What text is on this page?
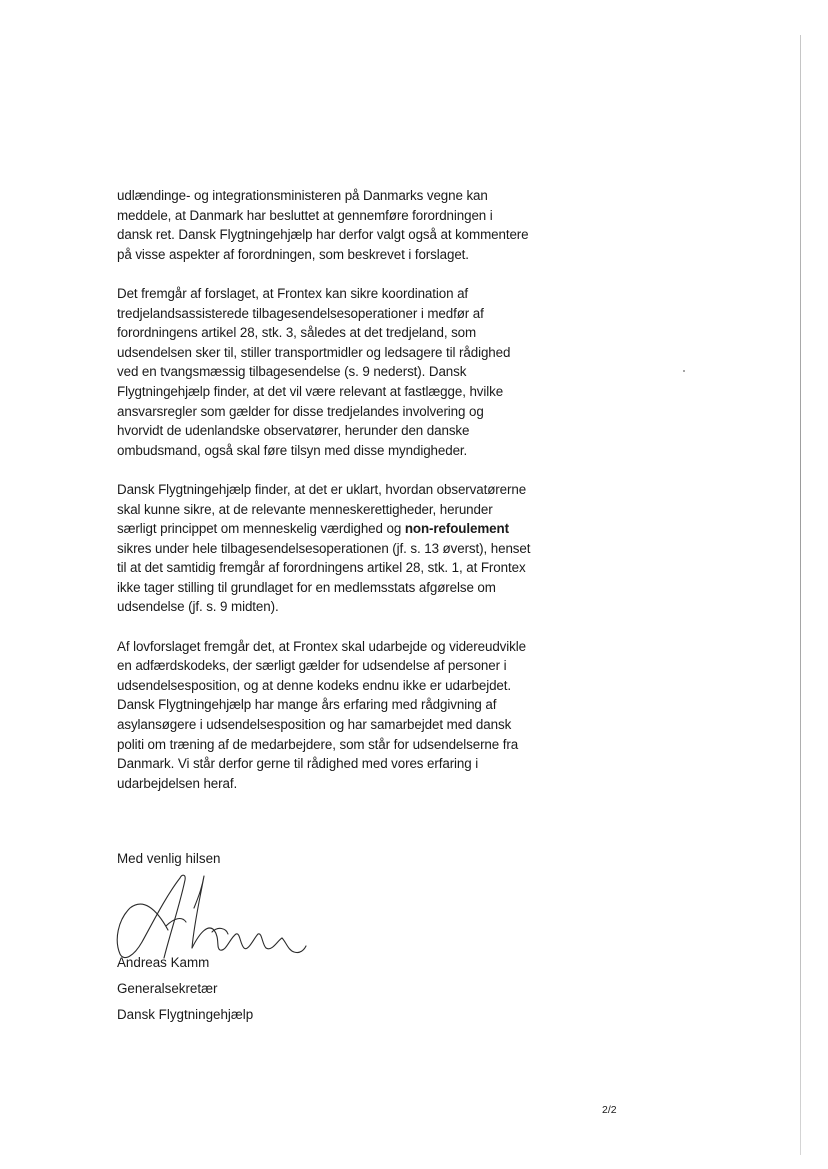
udlændinge- og integrationsministeren på Danmarks vegne kan
meddele, at Danmark har besluttet at gennemføre forordningen i
dansk ret. Dansk Flygtningehjælp har derfor valgt også at kommentere
på visse aspekter af forordningen, som beskrevet i forslaget.

Det fremgår af forslaget, at Frontex kan sikre koordination af
tredjelandsassisterede tilbagesendelsesoperationer i medfør af
forordningens artikel 28, stk. 3, således at det tredjeland, som
udsendelsen sker til, stiller transportmidler og ledsagere til rådighed
ved en tvangsmæssig tilbagesendelse (s. 9 nederst). Dansk
Flygtningehjælp finder, at det vil være relevant at fastlægge, hvilke
ansvarsregler som gælder for disse tredjelandes involvering og
hvorvidt de udenlandske observatører, herunder den danske
ombudsmand, også skal føre tilsyn med disse myndigheder.

Dansk Flygtningehjælp finder, at det er uklart, hvordan observatørerne
skal kunne sikre, at de relevante menneskerettigheder, herunder
særligt princippet om menneskelig værdighed og non-refoulement
sikres under hele tilbagesendelsesoperationen (jf. s. 13 øverst), henset
til at det samtidig fremgår af forordningens artikel 28, stk. 1, at Frontex
ikke tager stilling til grundlaget for en medlemsstats afgørelse om
udsendelse (jf. s. 9 midten).

Af lovforslaget fremgår det, at Frontex skal udarbejde og videreudvikle
en adfærdskodeks, der særligt gælder for udsendelse af personer i
udsendelsesposition, og at denne kodeks endnu ikke er udarbejdet.
Dansk Flygtningehjælp har mange års erfaring med rådgivning af
asylansøgere i udsendelsesposition og har samarbejdet med dansk
politi om træning af de medarbejdere, som står for udsendelserne fra
Danmark. Vi står derfor gerne til rådighed med vores erfaring i
udarbejdelsen heraf.

Med venlig hilsen

Andreas Kamm

Generalsekretær

Dansk Flygtningehjælp

2/2
